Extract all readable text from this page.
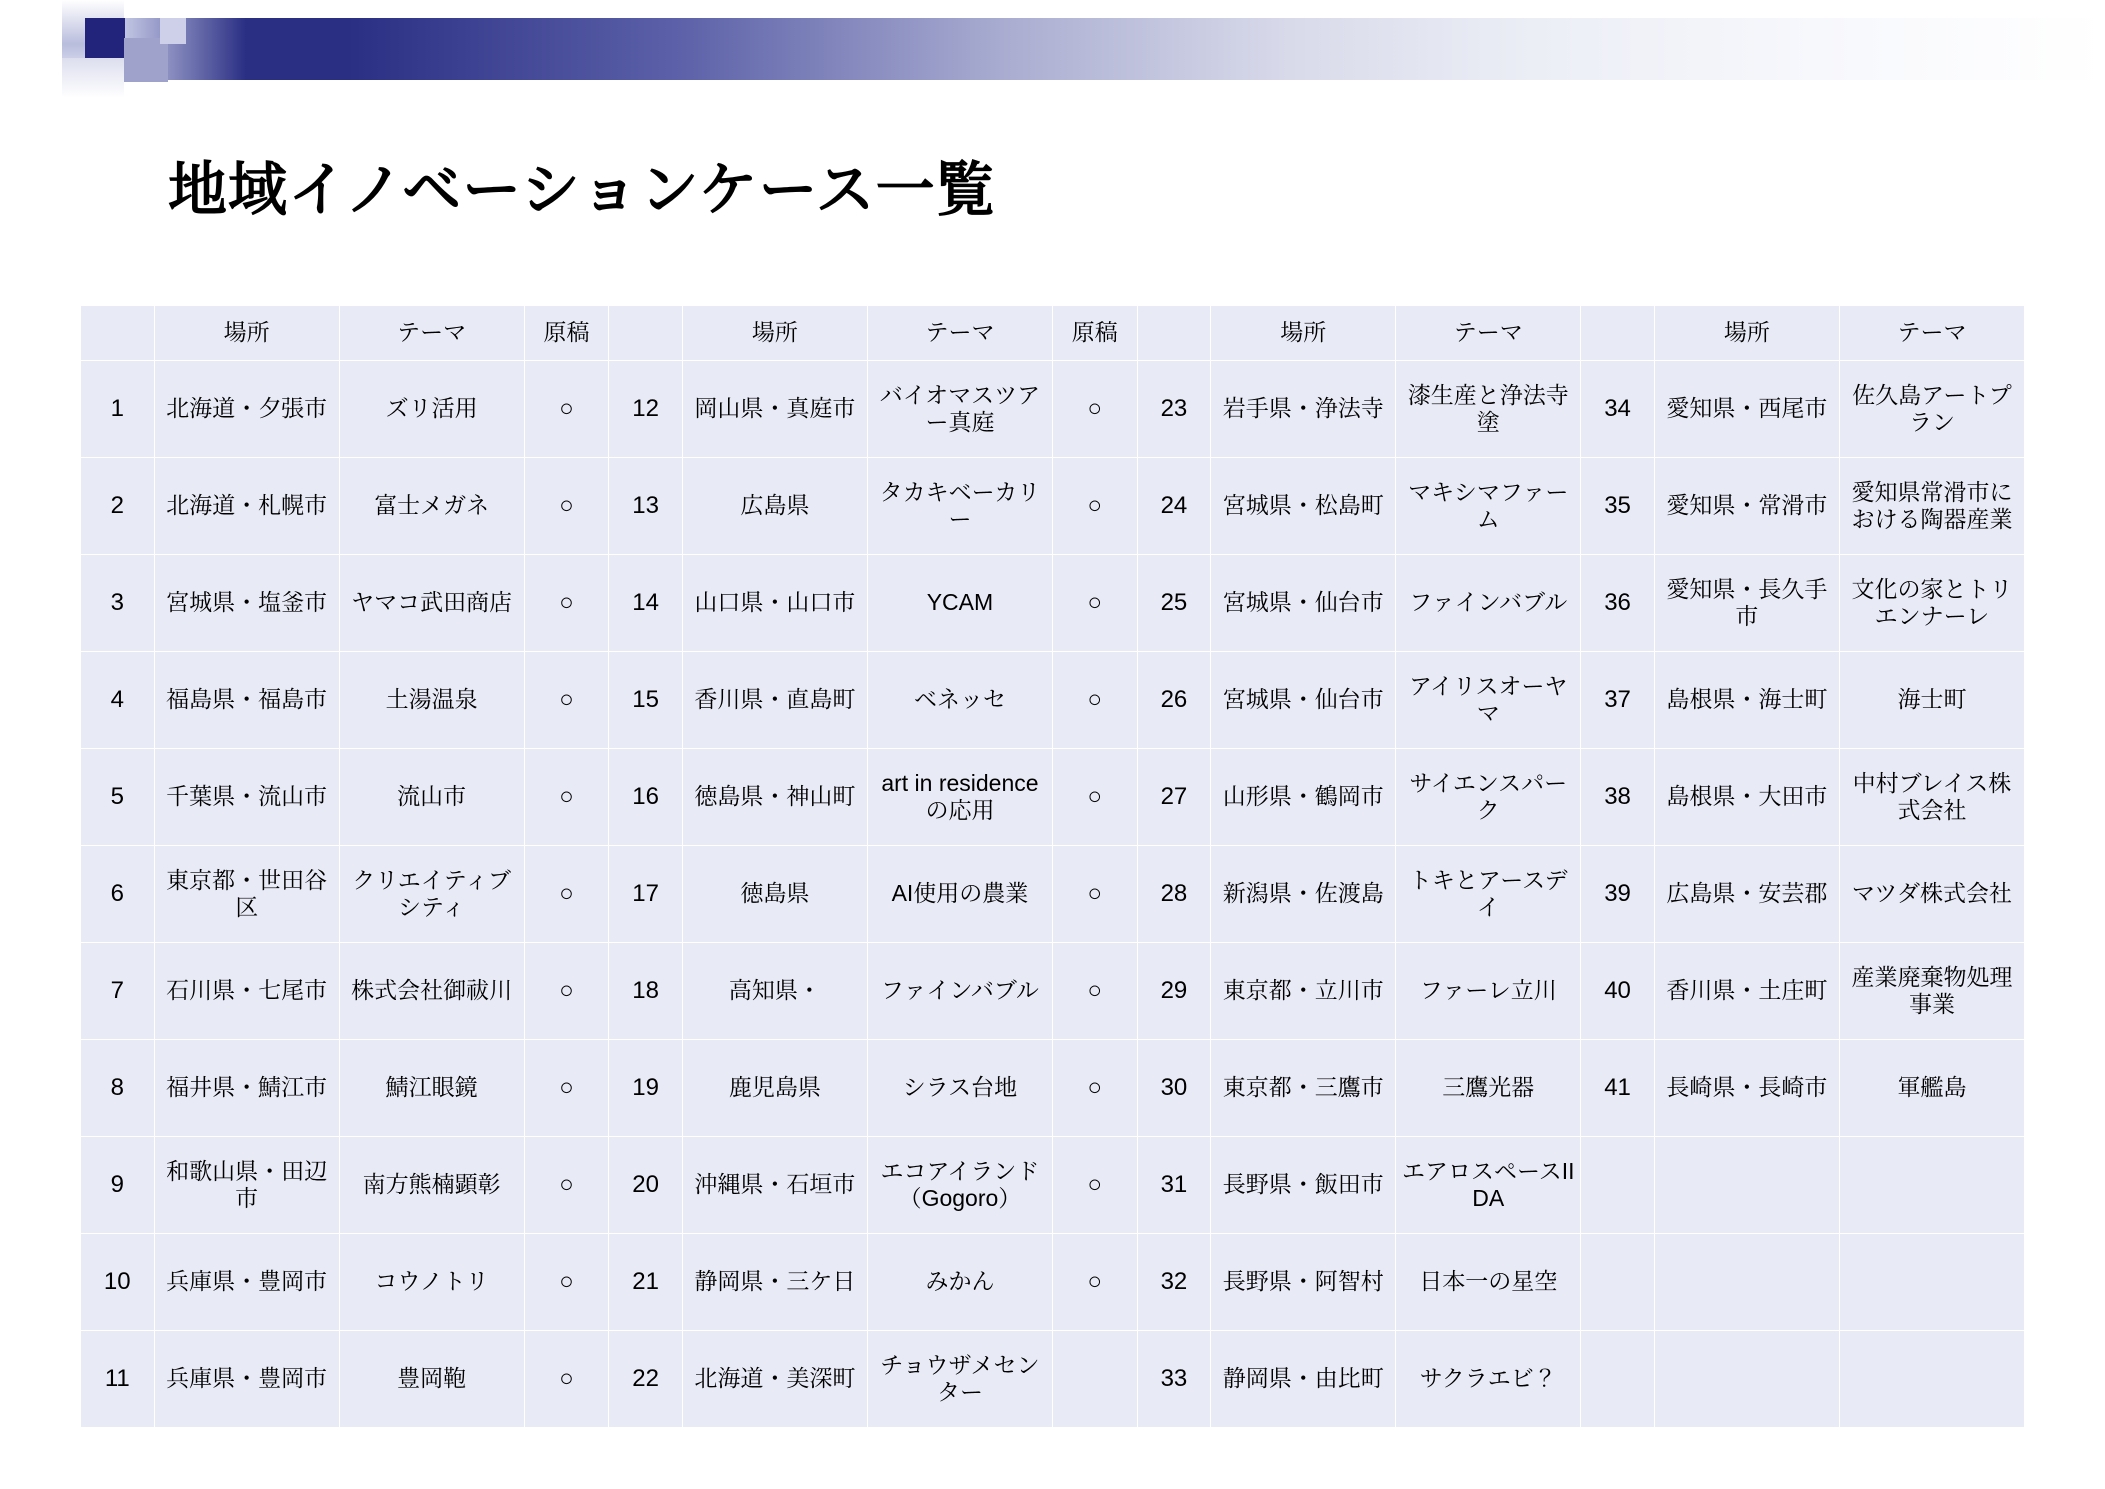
地域イノベーションケース一覧
	場所	テーマ	原稿		場所	テーマ	原稿		場所	テーマ		場所	テーマ
1	北海道・夕張市	ズリ活用	○	12	岡山県・真庭市	バイオマスツアー真庭	○	23	岩手県・浄法寺	漆生産と浄法寺塗	34	愛知県・西尾市	佐久島アートプラン
2	北海道・札幌市	富士メガネ	○	13	広島県	タカキベーカリー	○	24	宮城県・松島町	マキシマファーム	35	愛知県・常滑市	愛知県常滑市における陶器産業
3	宮城県・塩釜市	ヤマコ武田商店	○	14	山口県・山口市	YCAM	○	25	宮城県・仙台市	ファインバブル	36	愛知県・長久手市	文化の家とトリエンナーレ
4	福島県・福島市	土湯温泉	○	15	香川県・直島町	ベネッセ	○	26	宮城県・仙台市	アイリスオーヤマ	37	島根県・海士町	海士町
5	千葉県・流山市	流山市	○	16	徳島県・神山町	art in residenceの応用	○	27	山形県・鶴岡市	サイエンスパーク	38	島根県・大田市	中村ブレイス株式会社
6	東京都・世田谷区	クリエイティブシティ	○	17	徳島県	AI使用の農業	○	28	新潟県・佐渡島	トキとアースデイ	39	広島県・安芸郡	マツダ株式会社
7	石川県・七尾市	株式会社御祓川	○	18	高知県・	ファインバブル	○	29	東京都・立川市	ファーレ立川	40	香川県・土庄町	産業廃棄物処理事業
8	福井県・鯖江市	鯖江眼鏡	○	19	鹿児島県	シラス台地	○	30	東京都・三鷹市	三鷹光器	41	長崎県・長崎市	軍艦島
9	和歌山県・田辺市	南方熊楠顕彰	○	20	沖縄県・石垣市	エコアイランド（Gogoro）	○	31	長野県・飯田市	エアロスペースIIDA			
10	兵庫県・豊岡市	コウノトリ	○	21	静岡県・三ケ日	みかん	○	32	長野県・阿智村	日本一の星空			
11	兵庫県・豊岡市	豊岡鞄	○	22	北海道・美深町	チョウザメセンター		33	静岡県・由比町	サクラエビ？			
